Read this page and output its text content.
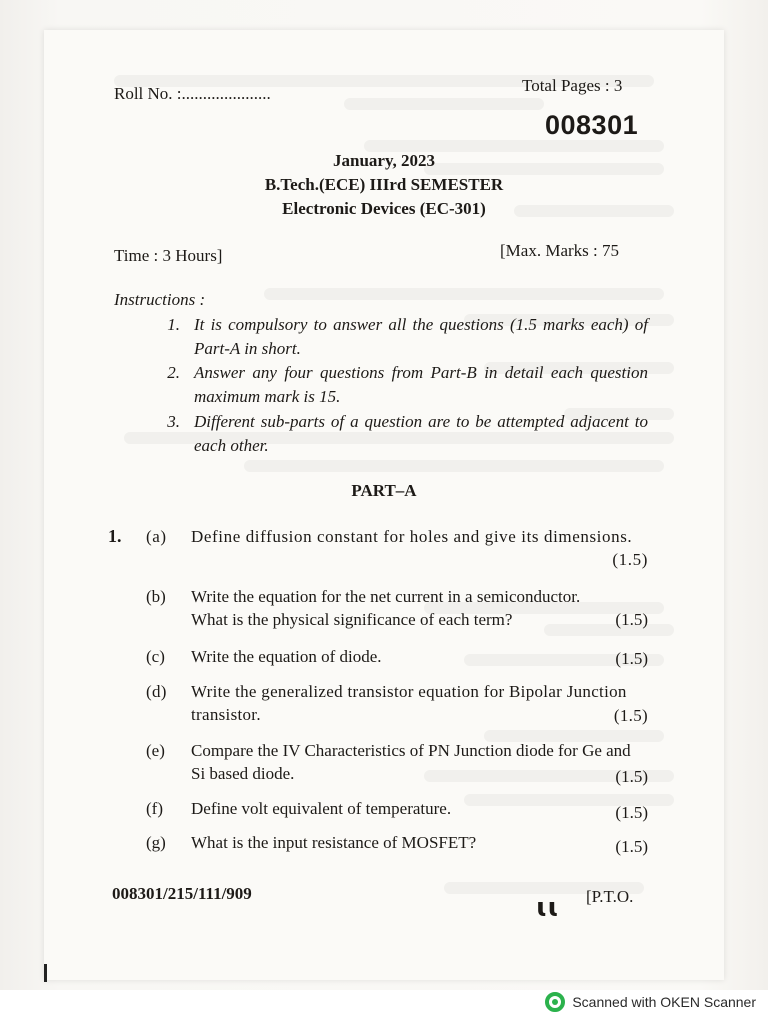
Roll No. :.....................	Total Pages : 3
008301
January, 2023
B.Tech.(ECE) IIIrd SEMESTER
Electronic Devices (EC-301)
Time : 3 Hours]	[Max. Marks : 75
Instructions :
1. It is compulsory to answer all the questions (1.5 marks each) of Part-A in short.
2. Answer any four questions from Part-B in detail each question maximum mark is 15.
3. Different sub-parts of a question are to be attempted adjacent to each other.
PART–A
1. (a)	Define diffusion constant for holes and give its dimensions.
(1.5)
(b)	Write the equation for the net current in a semiconductor. What is the physical significance of each term?	(1.5)
(c)	Write the equation of diode.	(1.5)
(d)	Write the generalized transistor equation for Bipolar Junction transistor.	(1.5)
(e)	Compare the IV Characteristics of PN Junction diode for Ge and Si based diode.	(1.5)
(f)	Define volt equivalent of temperature.	(1.5)
(g)	What is the input resistance of MOSFET?	(1.5)
008301/215/111/909	ɩɩ [P.T.O.
Scanned with OKEN Scanner
